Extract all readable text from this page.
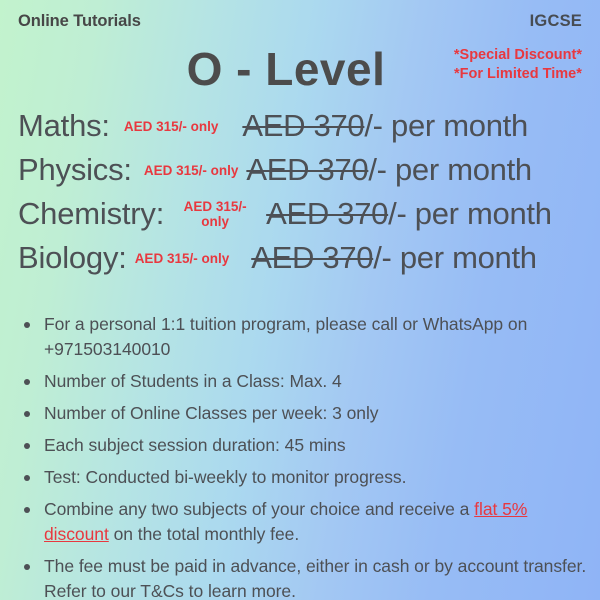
Online Tutorials	IGCSE
O - Level	*Special Discount*
*For Limited Time*
Maths:	AED 315/- only AED 370 /- per month
Physics: AED 315/- only AED 370 /- per month
Chemistry:	AED 315/- only	AED 370 /- per month
Biology: AED 315/- only AED 370 /- per month
For a personal 1:1 tuition program, please call or WhatsApp on +971503140010
Number of Students in a Class: Max. 4
Number of Online Classes per week: 3 only
Each subject session duration: 45 mins
Test: Conducted bi-weekly to monitor progress.
Combine any two subjects of your choice and receive a flat 5% discount on the total monthly fee.
The fee must be paid in advance, either in cash or by account transfer. Refer to our T&Cs to learn more.
